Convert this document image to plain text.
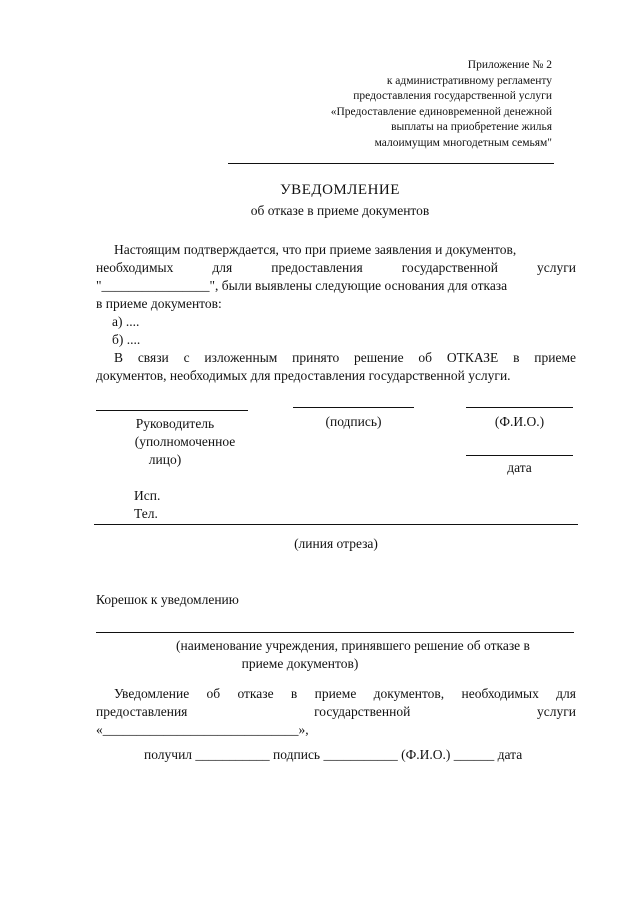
Приложение № 2
к административному регламенту
предоставления государственной услуги
«Предоставление единовременной денежной
выплаты на приобретение жилья
малоимущим многодетным семьям"
УВЕДОМЛЕНИЕ
об отказе в приеме документов
Настоящим подтверждается, что при приеме заявления и документов,
необходимых для предоставления государственной услуги
"________________", были выявлены следующие основания для отказа
в приеме документов:
а) ....
б) ....
В связи с изложенным принято решение об ОТКАЗЕ в приеме
документов, необходимых для предоставления государственной услуги.
Руководитель
(уполномоченное
лицо)
(подпись)	(Ф.И.О.)
дата
Исп.
Тел.
(линия отреза)
Корешок к уведомлению
(наименование учреждения, принявшего решение об отказе в
приеме документов)
Уведомление об отказе в приеме документов, необходимых для
предоставления государственной услуги
«_____________________________»,
получил ___________ подпись ___________ (Ф.И.О.) ______ дата
